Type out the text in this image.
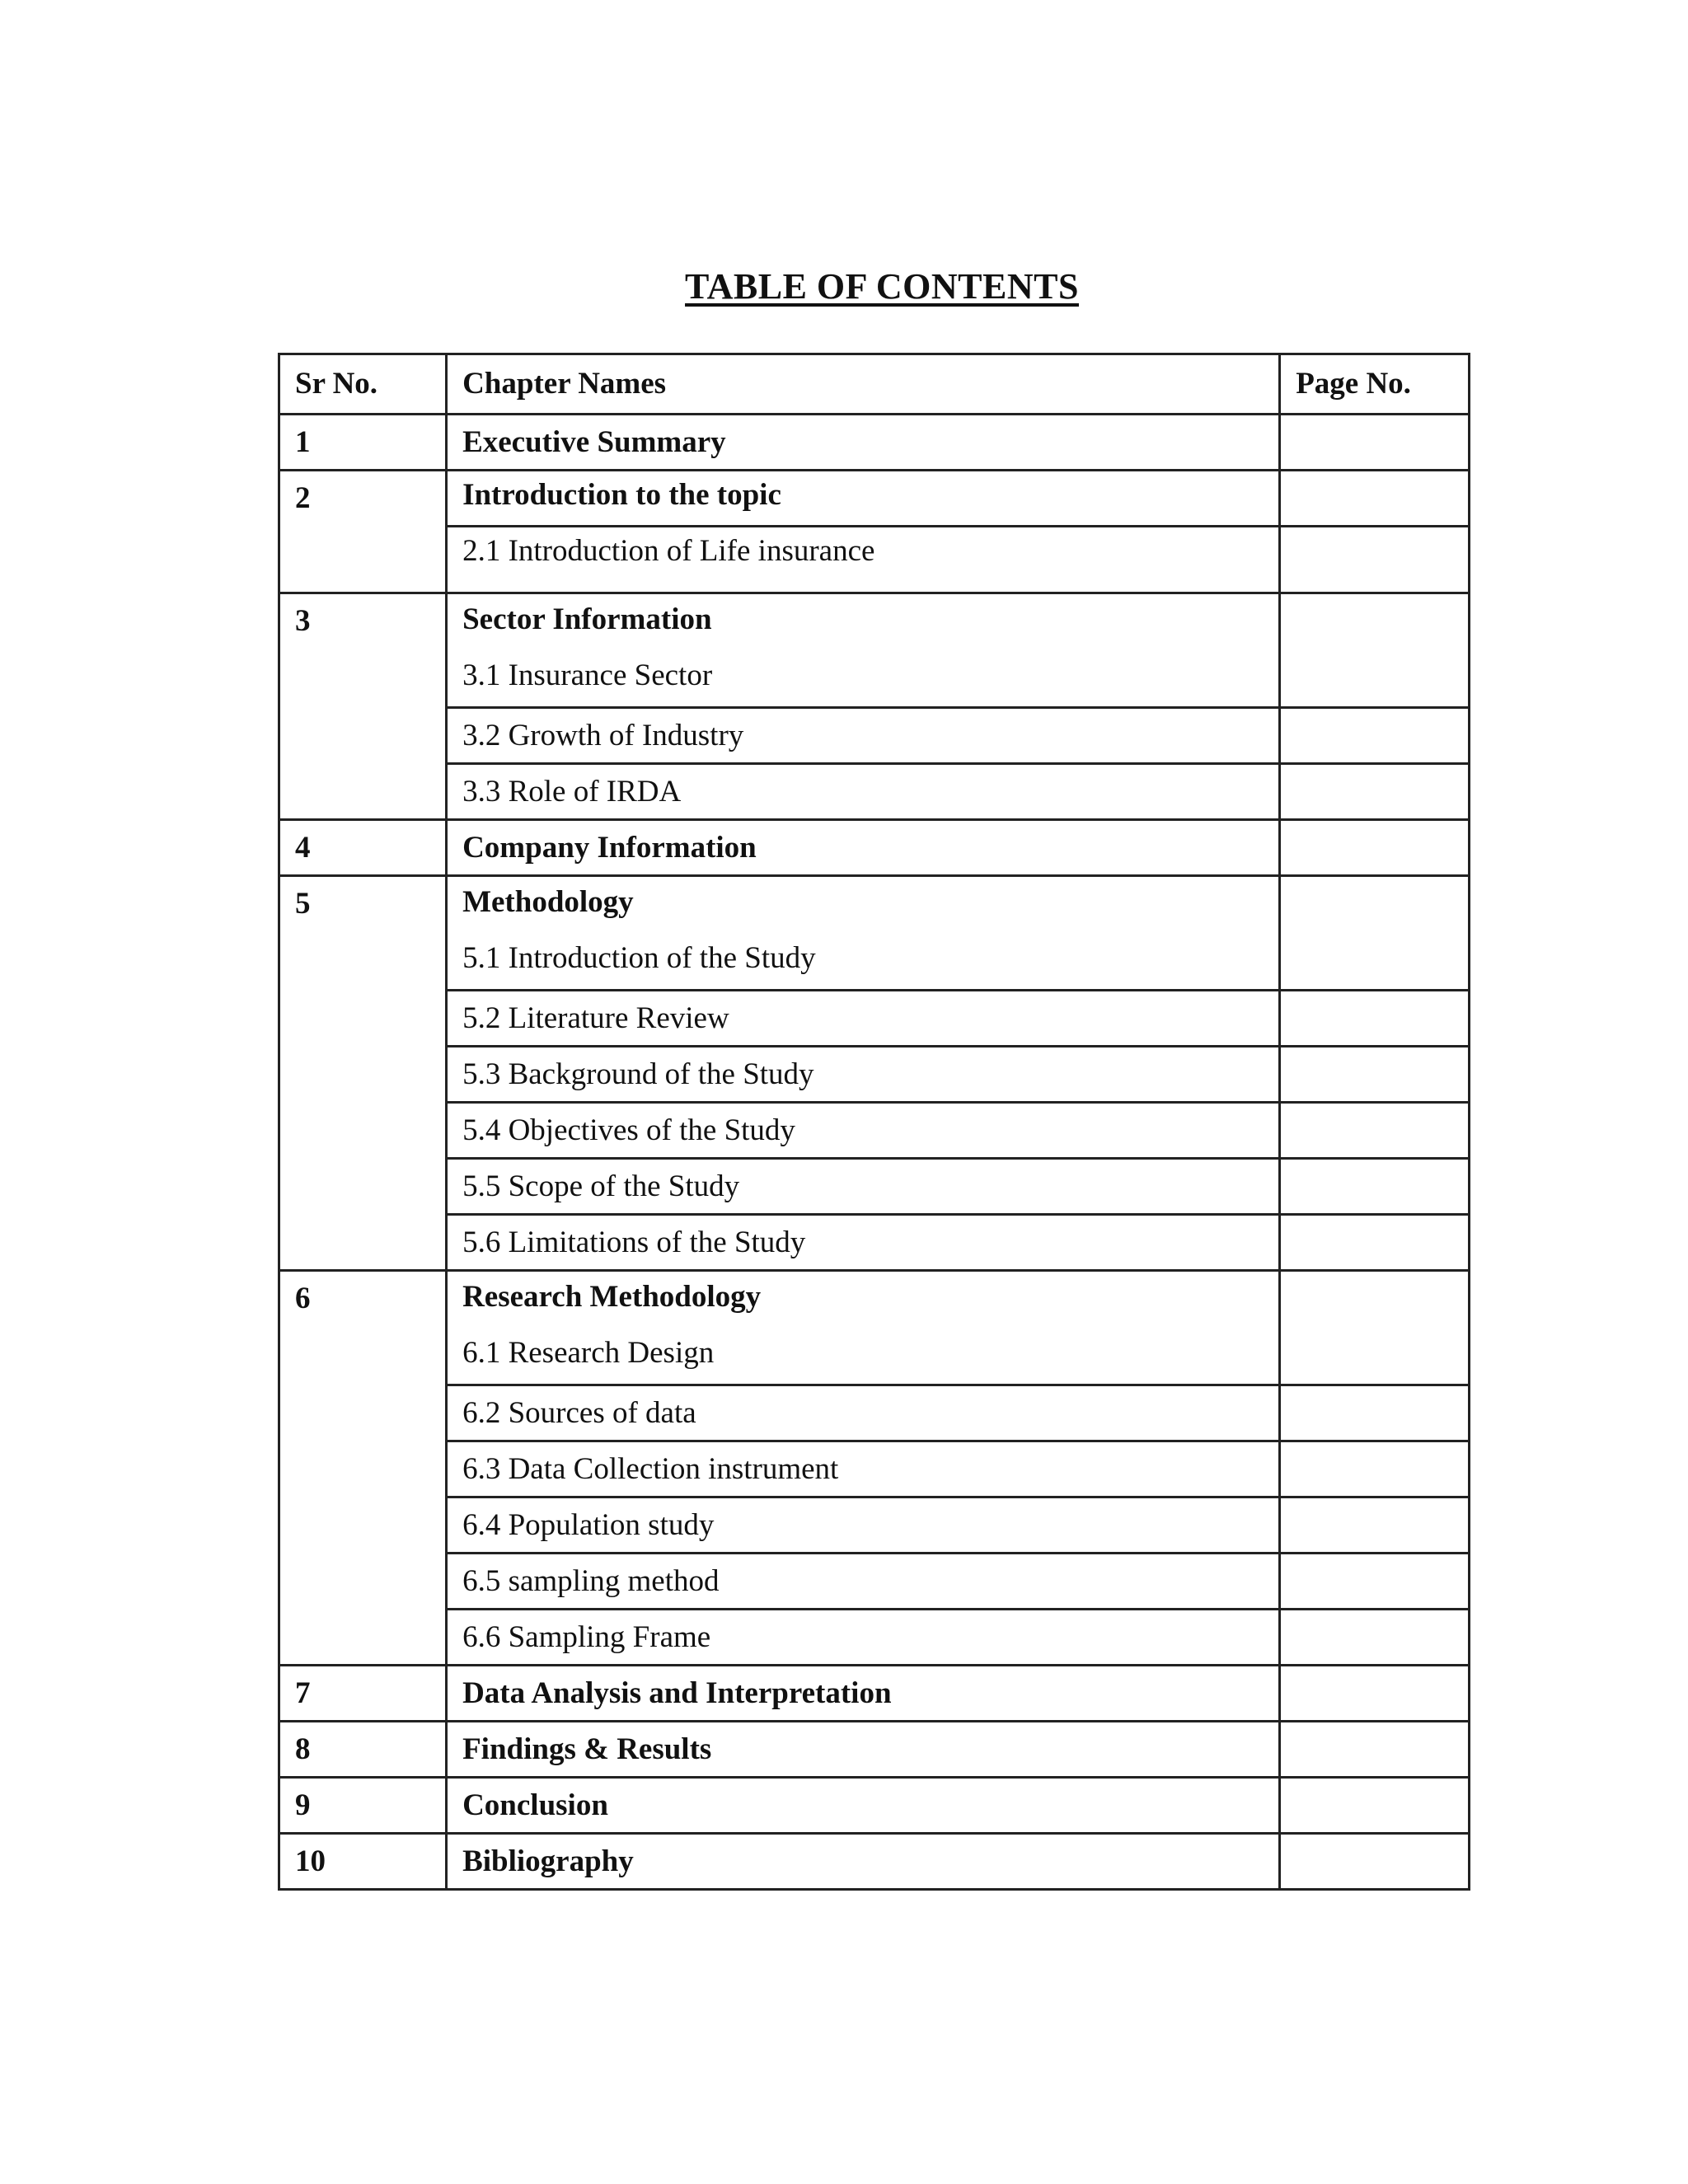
TABLE OF CONTENTS
Sr No.	Chapter Names	Page No.
1	Executive Summary	
2	Introduction to the topic	
	2.1 Introduction of Life insurance	
3	Sector Information
3.1 Insurance Sector	

	3.2 Growth of Industry	
	3.3 Role of IRDA	
4	Company Information	
5	Methodology
5.1 Introduction of the Study	

	5.2 Literature Review	
	5.3 Background of the Study	
	5.4 Objectives of the Study	
	5.5 Scope of the Study	
	5.6 Limitations of the Study	
6	Research Methodology
6.1 Research Design	

	6.2 Sources of data	
	6.3 Data Collection instrument	
	6.4 Population study	
	6.5 sampling method	
	6.6 Sampling Frame	
7	Data Analysis and Interpretation	
8	Findings & Results	
9	Conclusion	
10	Bibliography	
